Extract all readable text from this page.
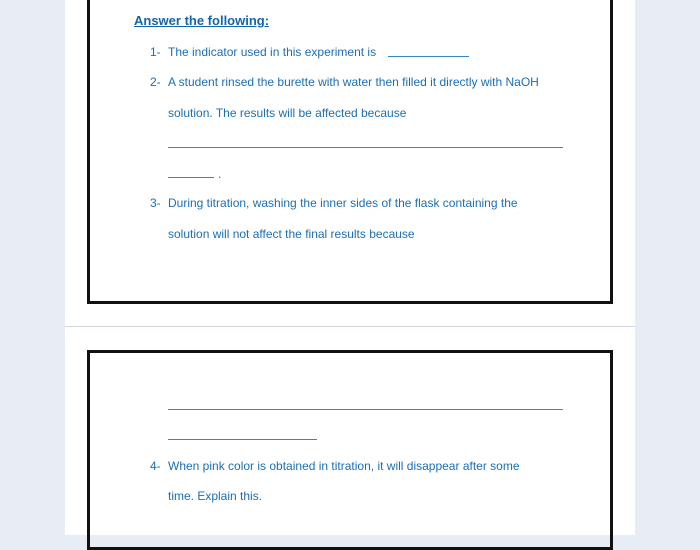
Answer the following:
1- The indicator used in this experiment is
2- A student rinsed the burette with water then filled it directly with NaOH
solution. The results will be affected because
.
3- During titration, washing the inner sides of the flask containing the
solution will not affect the final results because
4- When pink color is obtained in titration, it will disappear after some
time. Explain this.
